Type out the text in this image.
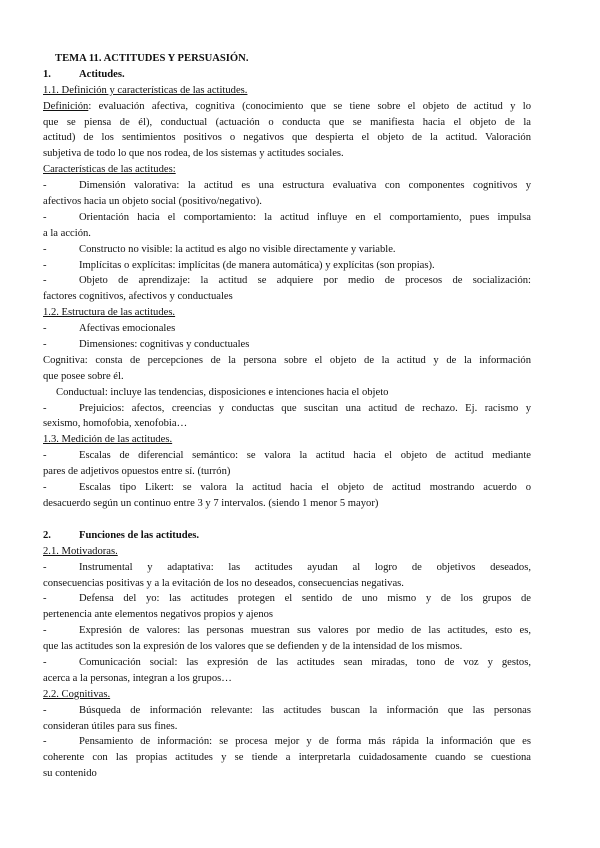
TEMA 11. ACTITUDES Y PERSUASIÓN.
1.	Actitudes.
1.1. Definición y características de las actitudes.
Definición: evaluación afectiva, cognitiva (conocimiento que se tiene sobre el objeto de actitud y lo
que se piensa de él), conductual (actuación o conducta que se manifiesta hacia el objeto de la
actitud) de los sentimientos positivos o negativos que despierta el objeto de la actitud. Valoración
subjetiva de todo lo que nos rodea, de los sistemas y actitudes sociales.
Características de las actitudes:
-	Dimensión valorativa: la actitud es una estructura evaluativa con componentes cognitivos y
afectivos hacia un objeto social (positivo/negativo).
-	Orientación hacia el comportamiento: la actitud influye en el comportamiento, pues impulsa
a la acción.
-	Constructo no visible: la actitud es algo no visible directamente y variable.
-	Implícitas o explícitas: implícitas (de manera automática) y explícitas (son propias).
-	Objeto de aprendizaje: la actitud se adquiere por medio de procesos de socialización:
factores cognitivos, afectivos y conductuales
1.2. Estructura de las actitudes.
-	Afectivas emocionales
-	Dimensiones: cognitivas y conductuales
Cognitiva: consta de percepciones de la persona sobre el objeto de la actitud y de la información
que posee sobre él.
Conductual: incluye las tendencias, disposiciones e intenciones hacia el objeto
-	Prejuicios: afectos, creencias y conductas que suscitan una actitud de rechazo. Ej. racismo y
sexismo, homofobia, xenofobia…
1.3. Medición de las actitudes.
-	Escalas de diferencial semántico: se valora la actitud hacia el objeto de actitud mediante
pares de adjetivos opuestos entre sí. (turrón)
-	Escalas tipo Likert: se valora la actitud hacia el objeto de actitud mostrando acuerdo o
desacuerdo según un continuo entre 3 y 7 intervalos. (siendo 1 menor 5 mayor)
2.	Funciones de las actitudes.
2.1. Motivadoras.
-	Instrumental y adaptativa: las actitudes ayudan al logro de objetivos deseados,
consecuencias positivas y a la evitación de los no deseados, consecuencias negativas.
-	Defensa del yo: las actitudes protegen el sentido de uno mismo y de los grupos de
pertenencia ante elementos negativos propios y ajenos
-	Expresión de valores: las personas muestran sus valores por medio de las actitudes, esto es,
que las actitudes son la expresión de los valores que se defienden y de la intensidad de los mismos.
-	Comunicación social: las expresión de las actitudes sean miradas, tono de voz y gestos,
acerca a la personas, integran a los grupos…
2.2. Cognitivas.
-	Búsqueda de información relevante: las actitudes buscan la información que las personas
consideran útiles para sus fines.
-	Pensamiento de información: se procesa mejor y de forma más rápida la información que es
coherente con las propias actitudes y se tiende a interpretarla cuidadosamente cuando se cuestiona
su contenido
